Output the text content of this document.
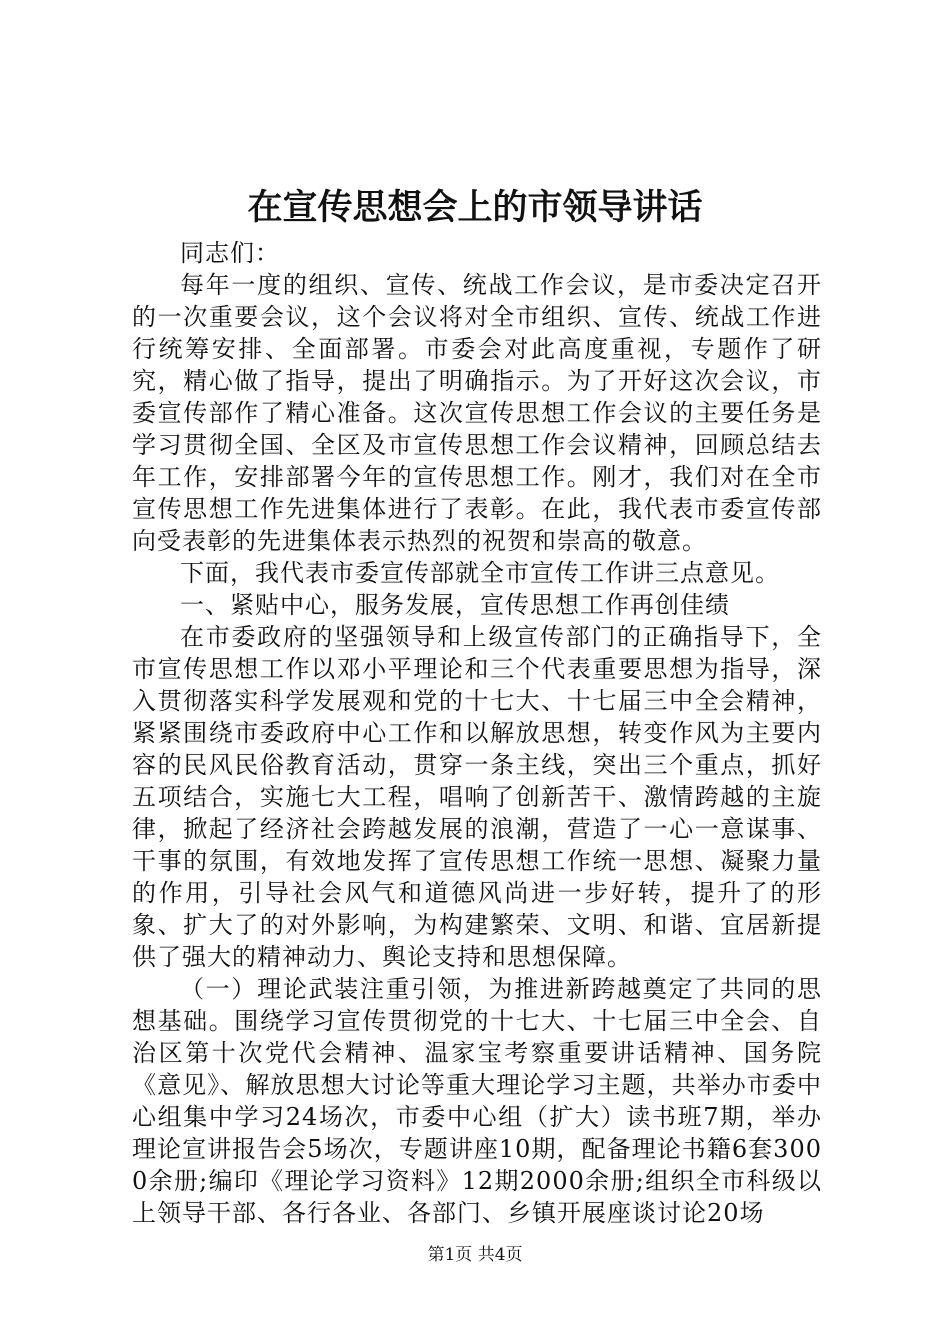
在宣传思想会上的市领导讲话

同志们：

每年一度的组织、宣传、统战工作会议，是市委决定召开的一次重要会议，这个会议将对全市组织、宣传、统战工作进行统筹安排、全面部署。市委会对此高度重视，专题作了研究，精心做了指导，提出了明确指示。为了开好这次会议，市委宣传部作了精心准备。这次宣传思想工作会议的主要任务是学习贯彻全国、全区及市宣传思想工作会议精神，回顾总结去年工作，安排部署今年的宣传思想工作。刚才，我们对在全市宣传思想工作先进集体进行了表彰。在此，我代表市委宣传部向受表彰的先进集体表示热烈的祝贺和崇高的敬意。

下面，我代表市委宣传部就全市宣传工作讲三点意见。

一、紧贴中心，服务发展，宣传思想工作再创佳绩

在市委政府的坚强领导和上级宣传部门的正确指导下，全市宣传思想工作以邓小平理论和三个代表重要思想为指导，深入贯彻落实科学发展观和党的十七大、十七届三中全会精神，紧紧围绕市委政府中心工作和以解放思想，转变作风为主要内容的民风民俗教育活动，贯穿一条主线，突出三个重点，抓好五项结合，实施七大工程，唱响了创新苦干、激情跨越的主旋律，掀起了经济社会跨越发展的浪潮，营造了一心一意谋事、干事的氛围，有效地发挥了宣传思想工作统一思想、凝聚力量的作用，引导社会风气和道德风尚进一步好转，提升了的形象、扩大了的对外影响，为构建繁荣、文明、和谐、宜居新提供了强大的精神动力、舆论支持和思想保障。

（一）理论武装注重引领，为推进新跨越奠定了共同的思想基础。围绕学习宣传贯彻党的十七大、十七届三中全会、自治区第十次党代会精神、温家宝考察重要讲话精神、国务院《意见》、解放思想大讨论等重大理论学习主题，共举办市委中心组集中学习24场次，市委中心组（扩大）读书班7期，举办理论宣讲报告会5场次，专题讲座10期，配备理论书籍6套3000余册;编印《理论学习资料》12期2000余册;组织全市科级以上领导干部、各行各业、各部门、乡镇开展座谈讨论20场

第1页 共4页
